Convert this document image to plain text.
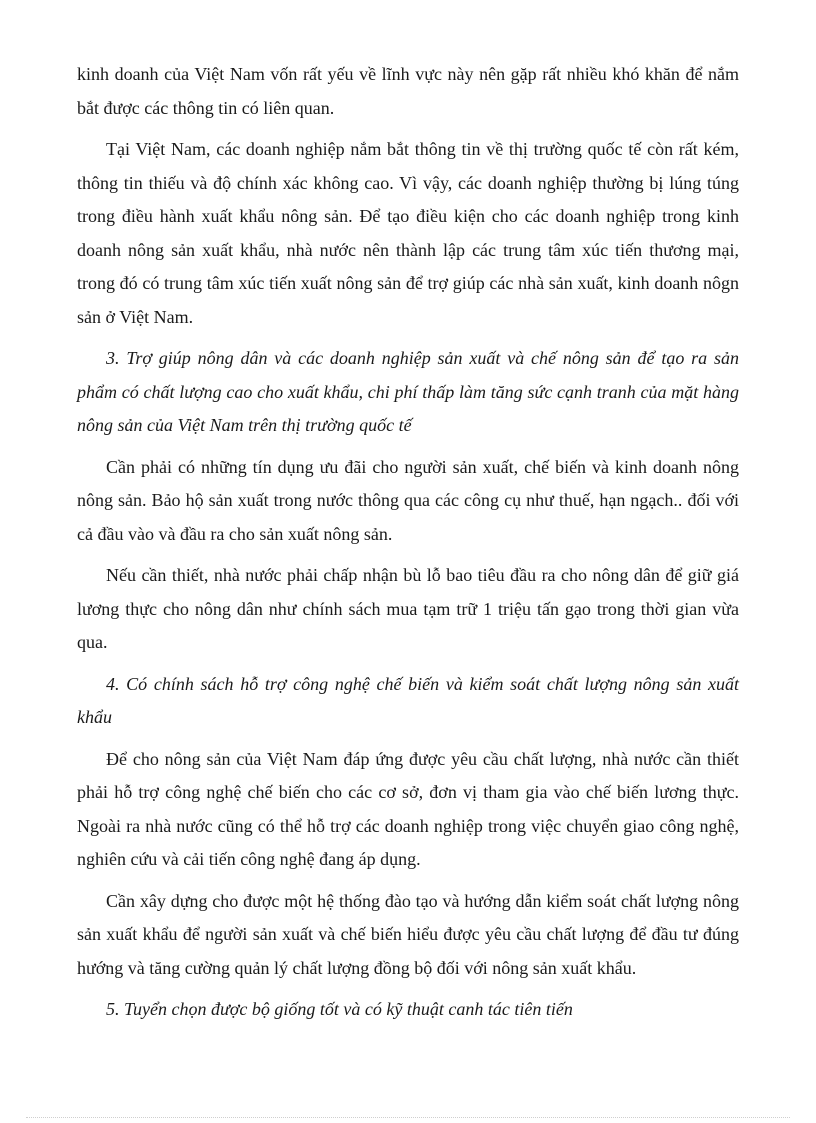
kinh doanh của Việt Nam vốn rất yếu về lĩnh vực này nên gặp rất nhiều khó khăn để nắm bắt được các thông tin có liên quan.

Tại Việt Nam, các doanh nghiệp nắm bắt thông tin về thị trường quốc tế còn rất kém, thông tin thiếu và độ chính xác không cao. Vì vậy, các doanh nghiệp thường bị lúng túng trong điều hành xuất khẩu nông sản. Để tạo điều kiện cho các doanh nghiệp trong kinh doanh nông sản xuất khẩu, nhà nước nên thành lập các trung tâm xúc tiến thương mại, trong đó có trung tâm xúc tiến xuất nông sản để trợ giúp các nhà sản xuất, kinh doanh nôgn sản ở Việt Nam.

3. Trợ giúp nông dân và các doanh nghiệp sản xuất và chế nông sản để tạo ra sản phẩm có chất lượng cao cho xuất khẩu, chi phí thấp làm tăng sức cạnh tranh của mặt hàng nông sản của Việt Nam trên thị trường quốc tế

Cần phải có những tín dụng ưu đãi cho người sản xuất, chế biến và kinh doanh nông nông sản. Bảo hộ sản xuất trong nước thông qua các công cụ như thuế, hạn ngạch.. đối với cả đầu vào và đầu ra cho sản xuất nông sản.

Nếu cần thiết, nhà nước phải chấp nhận bù lỗ bao tiêu đầu ra cho nông dân để giữ giá lương thực cho nông dân như chính sách mua tạm trữ 1 triệu tấn gạo trong thời gian vừa qua.

4. Có chính sách hỗ trợ công nghệ chế biến và kiểm soát chất lượng nông sản xuất khẩu

Để cho nông sản của Việt Nam đáp ứng được yêu cầu chất lượng, nhà nước cần thiết phải hỗ trợ công nghệ chế biến cho các cơ sở, đơn vị tham gia vào chế biến lương thực. Ngoài ra nhà nước cũng có thể hỗ trợ các doanh nghiệp trong việc chuyển giao công nghệ, nghiên cứu và cải tiến công nghệ đang áp dụng.

Cần xây dựng cho được một hệ thống đào tạo và hướng dẫn kiểm soát chất lượng nông sản xuất khẩu để người sản xuất và chế biến hiểu được yêu cầu chất lượng để đầu tư đúng hướng và tăng cường quản lý chất lượng đồng bộ đối với nông sản xuất khẩu.

5. Tuyển chọn được bộ giống tốt và có kỹ thuật canh tác tiên tiến
